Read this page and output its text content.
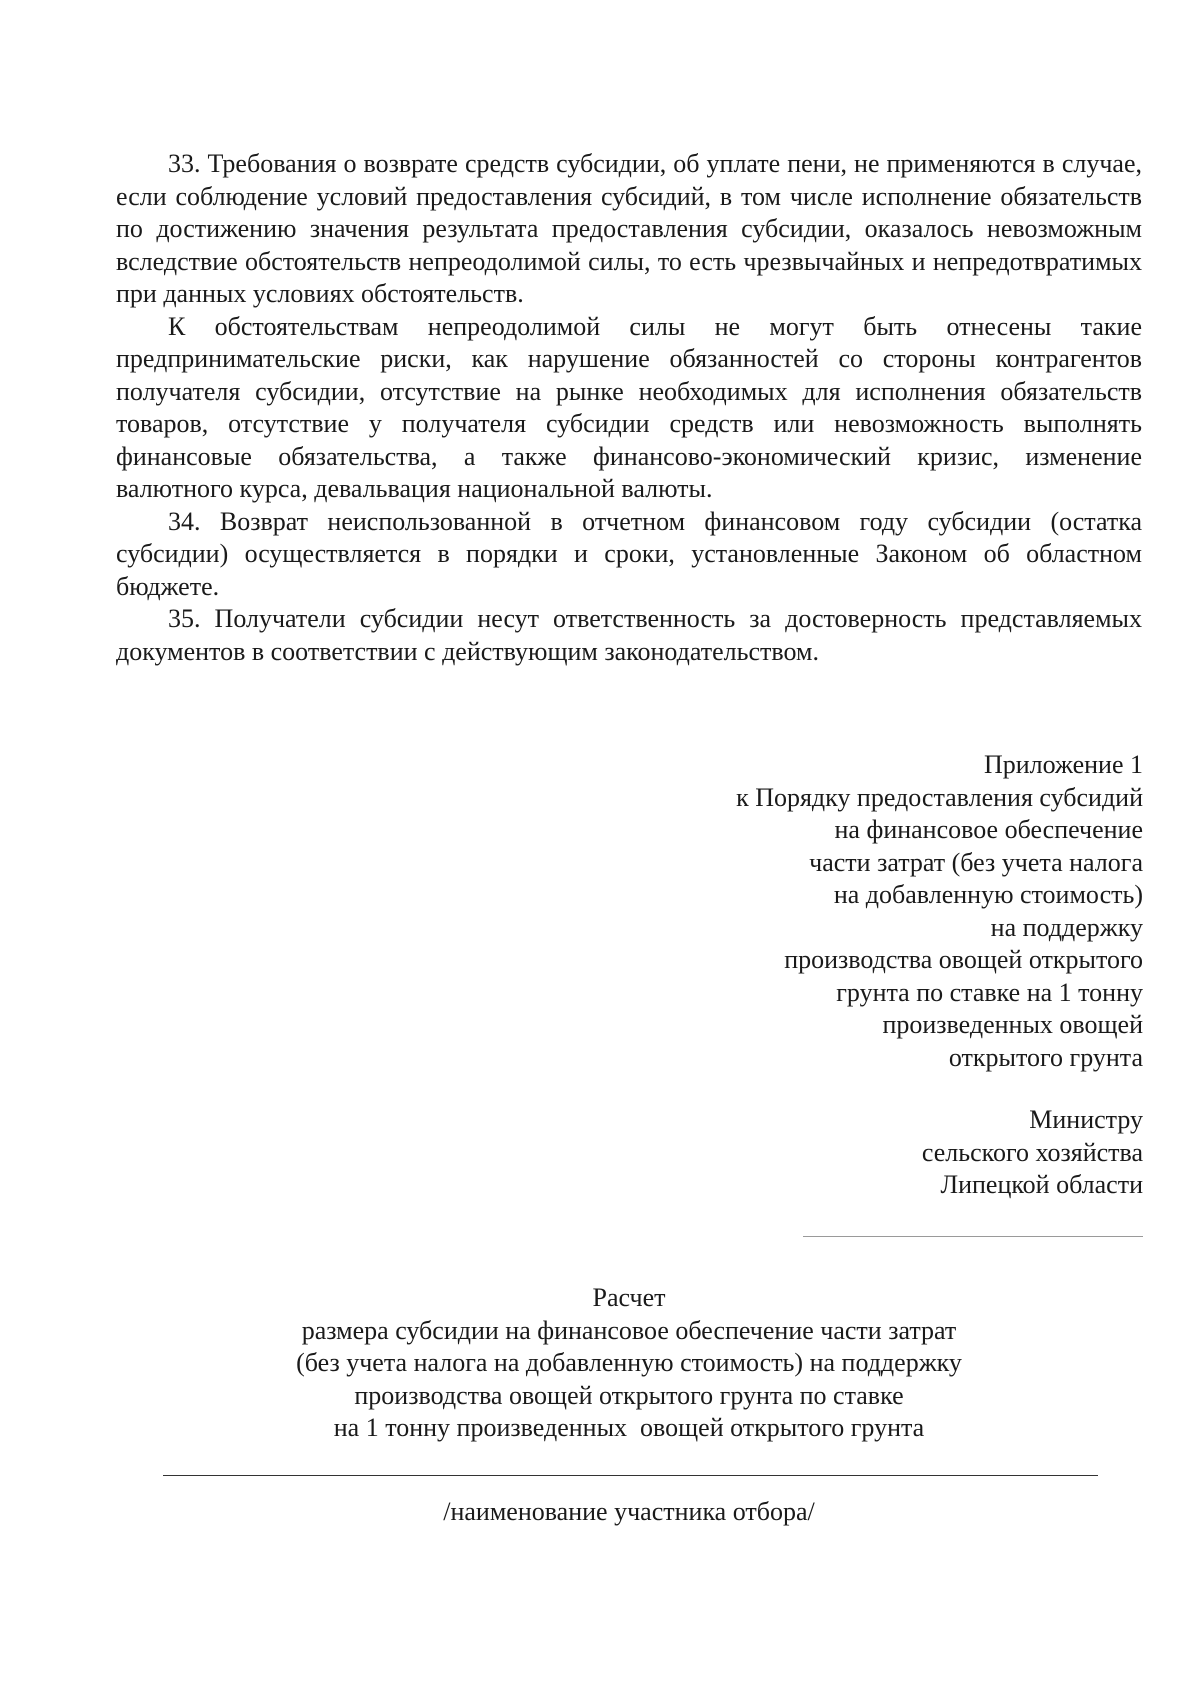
33. Требования о возврате средств субсидии, об уплате пени, не применяются в случае, если соблюдение условий предоставления субсидий, в том числе исполнение обязательств по достижению значения результата предоставления субсидии, оказалось невозможным вследствие обстоятельств непреодолимой силы, то есть чрезвычайных и непредотвратимых при данных условиях обстоятельств.

К обстоятельствам непреодолимой силы не могут быть отнесены такие предпринимательские риски, как нарушение обязанностей со стороны контрагентов получателя субсидии, отсутствие на рынке необходимых для исполнения обязательств товаров, отсутствие у получателя субсидии средств или невозможность выполнять финансовые обязательства, а также финансово-экономический кризис, изменение валютного курса, девальвация национальной валюты.

34. Возврат неиспользованной в отчетном финансовом году субсидии (остатка субсидии) осуществляется в порядки и сроки, установленные Законом об областном бюджете.

35. Получатели субсидии несут ответственность за достоверность представляемых документов в соответствии с действующим законодательством.

Приложение 1
к Порядку предоставления субсидий
на финансовое обеспечение
части затрат (без учета налога
на добавленную стоимость)
на поддержку
производства овощей открытого
грунта по ставке на 1 тонну
произведенных овощей
открытого грунта
Министру
сельского хозяйства
Липецкой области
Расчет
размера субсидии на финансовое обеспечение части затрат
(без учета налога на добавленную стоимость) на поддержку
производства овощей открытого грунта по ставке
на 1 тонну произведенных  овощей открытого грунта
/наименование участника отбора/
